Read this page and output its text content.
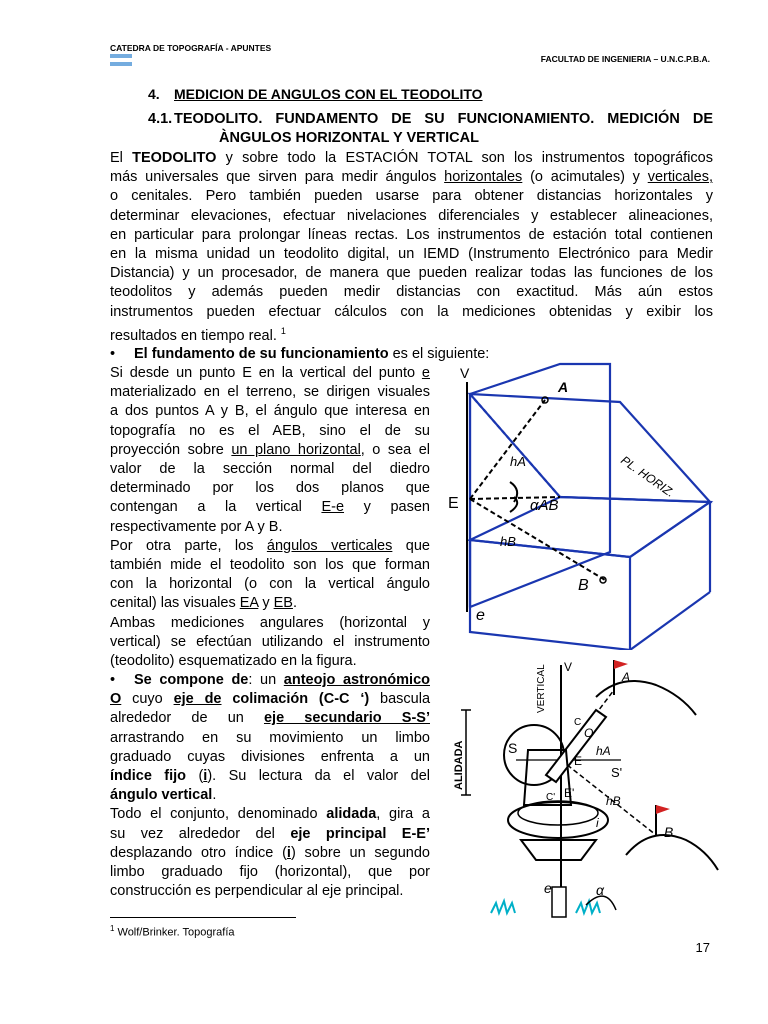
CATEDRA DE TOPOGRAFÍA - APUNTES
FACULTAD DE INGENIERIA – U.N.C.P.B.A.
4. MEDICION DE ANGULOS CON EL TEODOLITO
4.1. TEODOLITO. FUNDAMENTO DE SU FUNCIONAMIENTO. MEDICIÓN DE
ÀNGULOS HORIZONTAL Y VERTICAL
El TEODOLITO y sobre todo la ESTACIÓN TOTAL son los instrumentos topográficos
más universales que sirven para medir ángulos horizontales (o acimutales) y verticales,
o cenitales. Pero también pueden usarse para obtener distancias horizontales y
determinar elevaciones, efectuar nivelaciones diferenciales y establecer alineaciones,
en particular para prolongar líneas rectas. Los instrumentos de estación total contienen
en la misma unidad un teodolito digital, un IEMD (Instrumento Electrónico para Medir
Distancia) y un procesador, de manera que pueden realizar todas las funciones de los
teodolitos y además pueden medir distancias con exactitud. Más aún estos
instrumentos pueden efectuar cálculos con la mediciones obtenidas y exibir los
resultados en tiempo real. $^1$
• El fundamento de su funcionamiento es el siguiente:
Si desde un punto E en la vertical del punto e
materializado en el terreno, se dirigen visuales
a dos puntos A y B, el ángulo que interesa en
topografía no es el AEB, sino el de su
proyección sobre un plano horizontal, o sea el
valor de la sección normal del diedro
determinado por los dos planos que
contengan a la vertical E-e y pasen
respectivamente por A y B.
Por otra parte, los ángulos verticales que
también mide el teodolito son los que forman
con la horizontal (o con la vertical ángulo
cenital) las visuales EA y EB.
Ambas mediciones angulares (horizontal y
vertical) se efectúan utilizando el instrumento
(teodolito) esquematizado en la figura.
• Se compone de: un anteojo astronómico
O cuyo eje de colimación (C-C ‘) bascula
alrededor de un eje secundario S-S’
arrastrando en su movimiento un limbo
graduado cuyas divisiones enfrenta a un
índice fijo (i). Su lectura da el valor del
ángulo vertical.
Todo el conjunto, denominado alidada, gira a
su vez alrededor del eje principal E-E’
desplazando otro índice (i) sobre un segundo
limbo graduado fijo (horizontal), que por
construcción es perpendicular al eje principal.
V
A
B
E
e
hA
hB
αAB
PL. HORIZ.
VERTICAL V
A
B
S
S'
O
C
C'
E
E'
e
i
hA
hB
ALIDADA
α
$^1$ Wolf/Brinker. Topografía
17
